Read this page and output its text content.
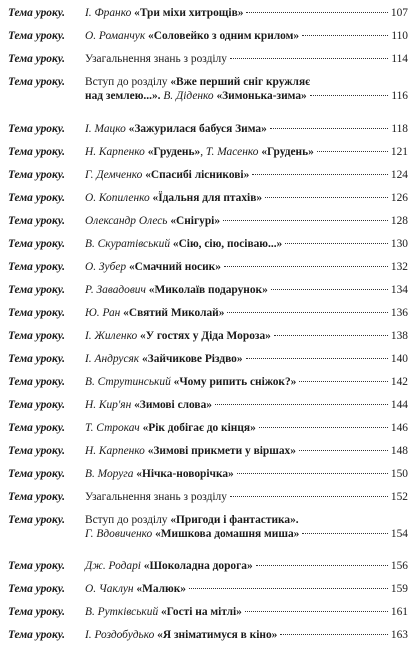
Тема уроку.	І. Франко «Три міхи хитрощів»	107
Тема уроку.	О. Романчук «Соловейко з одним крилом»	110
Тема уроку.	Узагальнення знань з розділу	114
Тема уроку.	Вступ до розділу «Вже перший сніг кружляє
над землею...». В. Діденко «Зимонька-зима»	116
Тема уроку.	І. Мацко «Зажурилася бабуся Зима»	118
Тема уроку.	Н. Карпенко «Грудень», Т. Масенко «Грудень»	121
Тема уроку.	Г. Демченко «Спасибі лісникові»	124
Тема уроку.	О. Копиленко «Їдальня для птахів»	126
Тема уроку.	Олександр Олесь «Снігурі»	128
Тема уроку.	В. Скуратівський «Сію, сію, посіваю...»	130
Тема уроку.	О. Зубер «Смачний носик»	132
Тема уроку.	Р. Завадович «Миколаїв подарунок»	134
Тема уроку.	Ю. Ран «Святий Миколай»	136
Тема уроку.	І. Жиленко «У гостях у Діда Мороза»	138
Тема уроку.	І. Андрусяк «Зайчикове Різдво»	140
Тема уроку.	В. Струтинський «Чому рипить сніжок?»	142
Тема уроку.	Н. Кир'ян «Зимові слова»	144
Тема уроку.	Т. Строкач «Рік добігає до кінця»	146
Тема уроку.	Н. Карпенко «Зимові прикмети у віршах»	148
Тема уроку.	В. Моруга «Нічка-новорічка»	150
Тема уроку.	Узагальнення знань з розділу	152
Тема уроку.	Вступ до розділу «Пригоди і фантастика».
Г. Вдовиченко «Мишкова домашня миша»	154
Тема уроку.	Дж. Родарі «Шоколадна дорога»	156
Тема уроку.	О. Чаклун «Малюк»	159
Тема уроку.	В. Рутківський «Гості на мітлі»	161
Тема уроку.	І. Роздобудько «Я зніматимуся в кіно»	163
